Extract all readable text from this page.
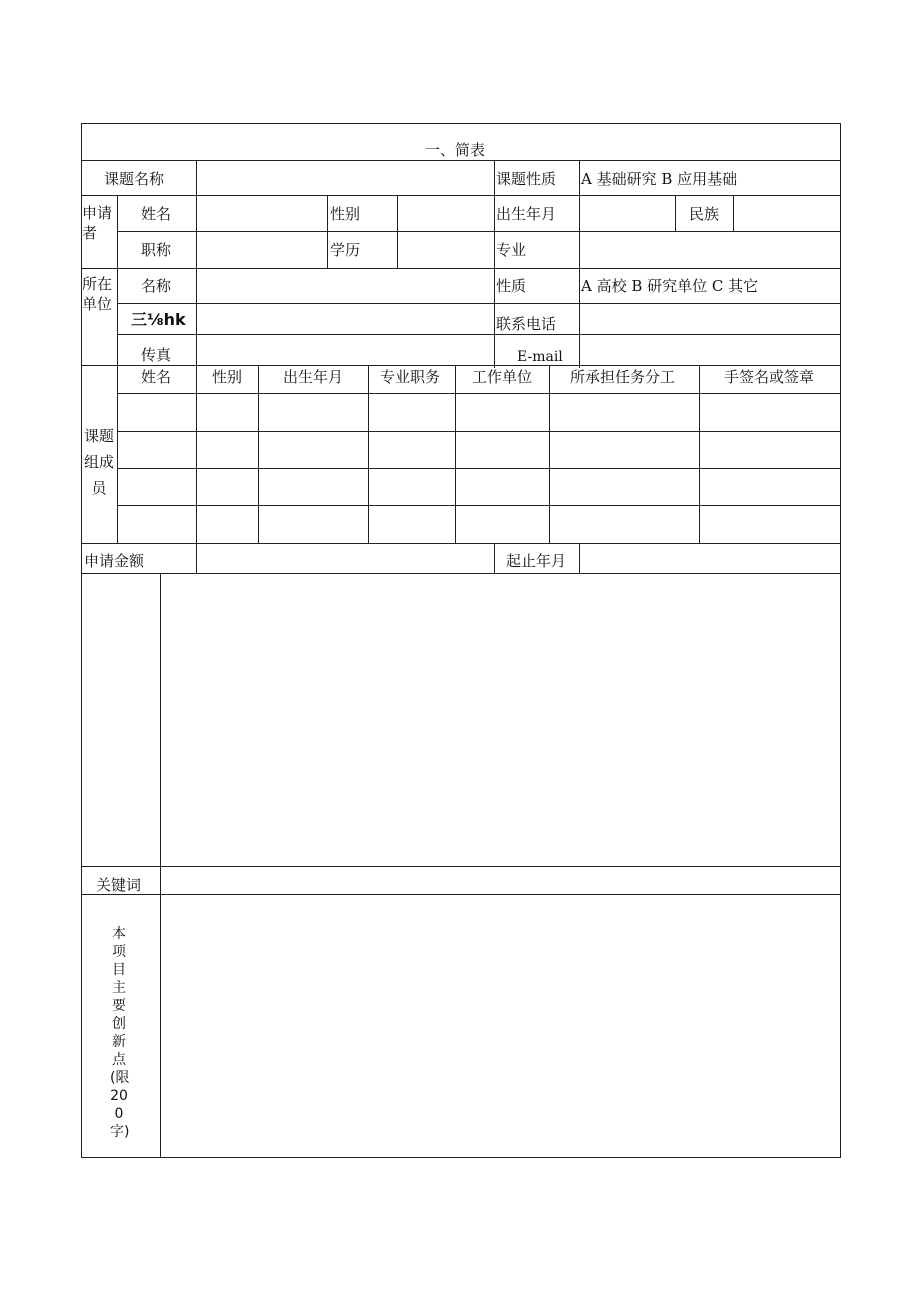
一、简表
课题名称	课题性质 A 基础研究 B 应用基础
申请者
姓名	性别	出生年月	民族
职称	学历	专业
所在单位
名称	性质	A 高校 B 研究单位 C 其它
三⅛hk	联系电话
传真	E-mail
课题组成员
姓名	性别	出生年月 专业职务 工作单位	所承担任务分工	手签名或签章
申请金额	起止年月
关键词
本项目主要创新点(限200字)
